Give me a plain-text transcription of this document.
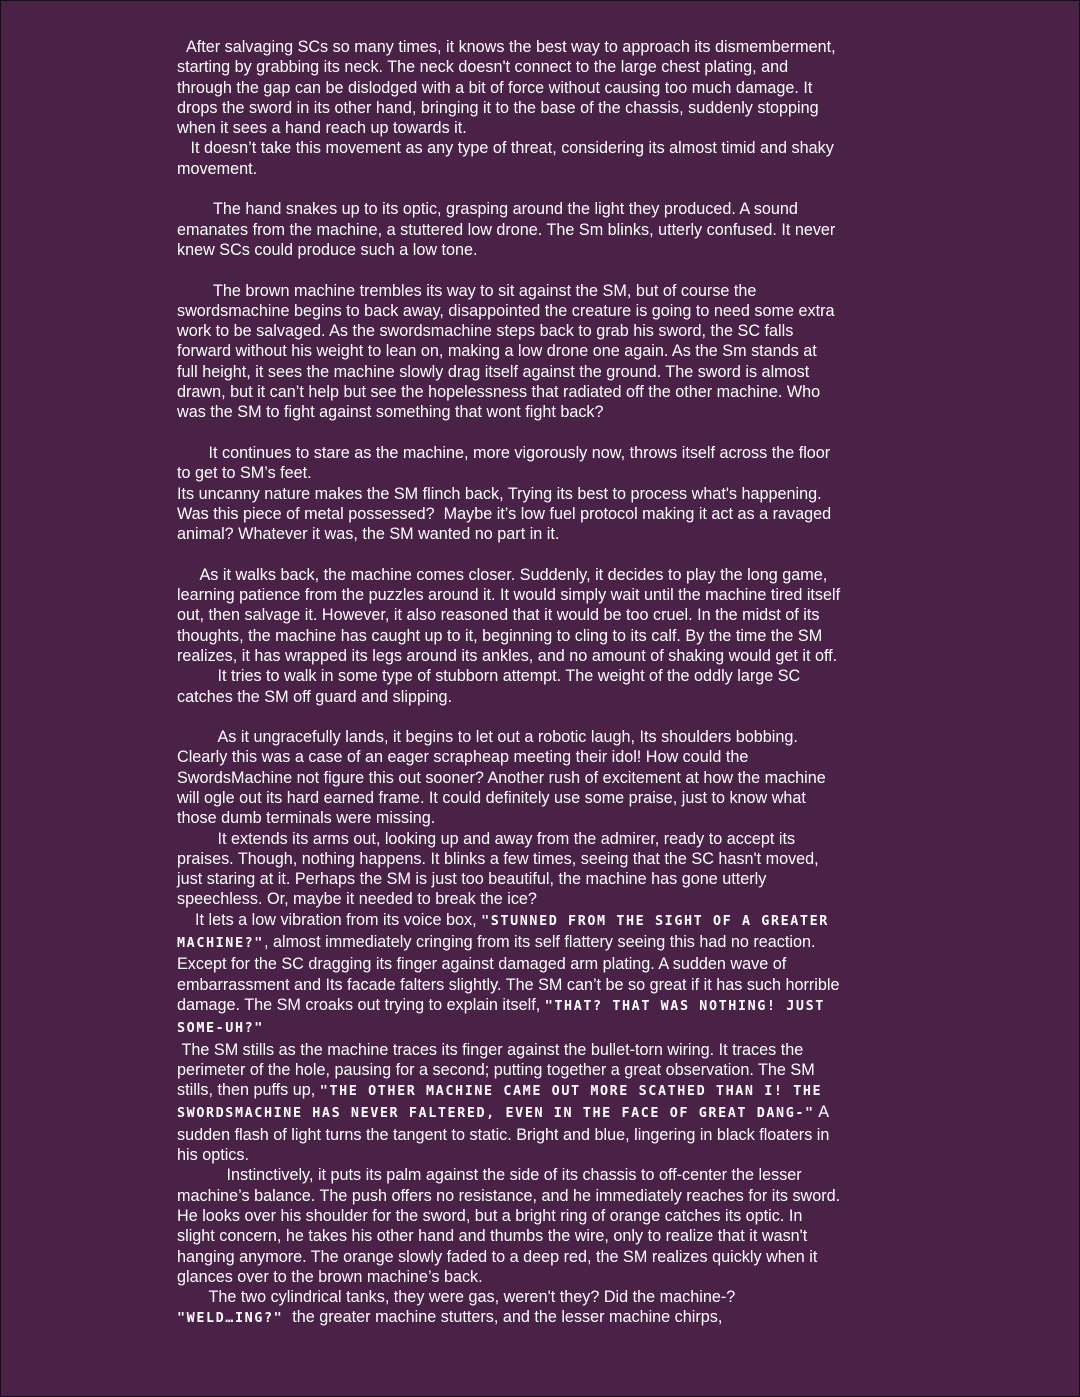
After salvaging SCs so many times, it knows the best way to approach its dismemberment, starting by grabbing its neck. The neck doesn't connect to the large chest plating, and through the gap can be dislodged with a bit of force without causing too much damage. It drops the sword in its other hand, bringing it to the base of the chassis, suddenly stopping when it sees a hand reach up towards it.

It doesn’t take this movement as any type of threat, considering its almost timid and shaky movement.

The hand snakes up to its optic, grasping around the light they produced. A sound emanates from the machine, a stuttered low drone. The Sm blinks, utterly confused. It never knew SCs could produce such a low tone.

The brown machine trembles its way to sit against the SM, but of course the swordsmachine begins to back away, disappointed the creature is going to need some extra work to be salvaged. As the swordsmachine steps back to grab his sword, the SC falls forward without his weight to lean on, making a low drone one again. As the Sm stands at full height, it sees the machine slowly drag itself against the ground. The sword is almost drawn, but it can’t help but see the hopelessness that radiated off the other machine. Who was the SM to fight against something that wont fight back?

It continues to stare as the machine, more vigorously now, throws itself across the floor to get to SM’s feet.

Its uncanny nature makes the SM flinch back, Trying its best to process what's happening. Was this piece of metal possessed?  Maybe it’s low fuel protocol making it act as a ravaged animal? Whatever it was, the SM wanted no part in it.

As it walks back, the machine comes closer. Suddenly, it decides to play the long game, learning patience from the puzzles around it. It would simply wait until the machine tired itself out, then salvage it. However, it also reasoned that it would be too cruel. In the midst of its thoughts, the machine has caught up to it, beginning to cling to its calf. By the time the SM realizes, it has wrapped its legs around its ankles, and no amount of shaking would get it off.

It tries to walk in some type of stubborn attempt. The weight of the oddly large SC catches the SM off guard and slipping.

As it ungracefully lands, it begins to let out a robotic laugh, Its shoulders bobbing. Clearly this was a case of an eager scrapheap meeting their idol! How could the SwordsMachine not figure this out sooner? Another rush of excitement at how the machine will ogle out its hard earned frame. It could definitely use some praise, just to know what those dumb terminals were missing.

It extends its arms out, looking up and away from the admirer, ready to accept its praises. Though, nothing happens. It blinks a few times, seeing that the SC hasn't moved, just staring at it. Perhaps the SM is just too beautiful, the machine has gone utterly speechless. Or, maybe it needed to break the ice?

It lets a low vibration from its voice box, "STUNNED FROM THE SIGHT OF A GREATER MACHINE?", almost immediately cringing from its self flattery seeing this had no reaction. Except for the SC dragging its finger against damaged arm plating. A sudden wave of embarrassment and Its facade falters slightly. The SM can’t be so great if it has such horrible damage. The SM croaks out trying to explain itself, "THAT? THAT WAS NOTHING! JUST SOME-UH?"

The SM stills as the machine traces its finger against the bullet-torn wiring. It traces the perimeter of the hole, pausing for a second; putting together a great observation. The SM stills, then puffs up, "THE OTHER MACHINE CAME OUT MORE SCATHED THAN I! THE SWORDSMACHINE HAS NEVER FALTERED, EVEN IN THE FACE OF GREAT DANG-" A sudden flash of light turns the tangent to static. Bright and blue, lingering in black floaters in his optics.

Instinctively, it puts its palm against the side of its chassis to off-center the lesser machine’s balance. The push offers no resistance, and he immediately reaches for its sword. He looks over his shoulder for the sword, but a bright ring of orange catches its optic. In slight concern, he takes his other hand and thumbs the wire, only to realize that it wasn't hanging anymore. The orange slowly faded to a deep red, the SM realizes quickly when it glances over to the brown machine’s back.

The two cylindrical tanks, they were gas, weren't they? Did the machine-?

"WELD…ING?"  the greater machine stutters, and the lesser machine chirps,
